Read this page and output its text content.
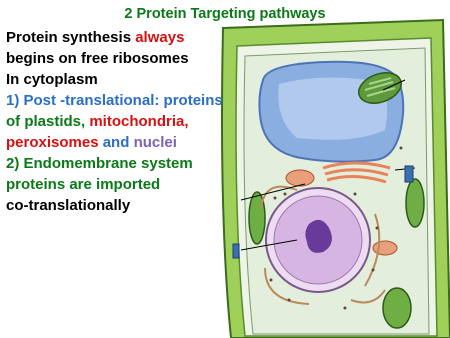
2 Protein Targeting pathways
Protein synthesis always
begins on free ribosomes
In cytoplasm
1) Post -translational: proteins
of plastids, mitochondria,
peroxisomes and nuclei
2) Endomembrane system
proteins are imported
co-translationally
